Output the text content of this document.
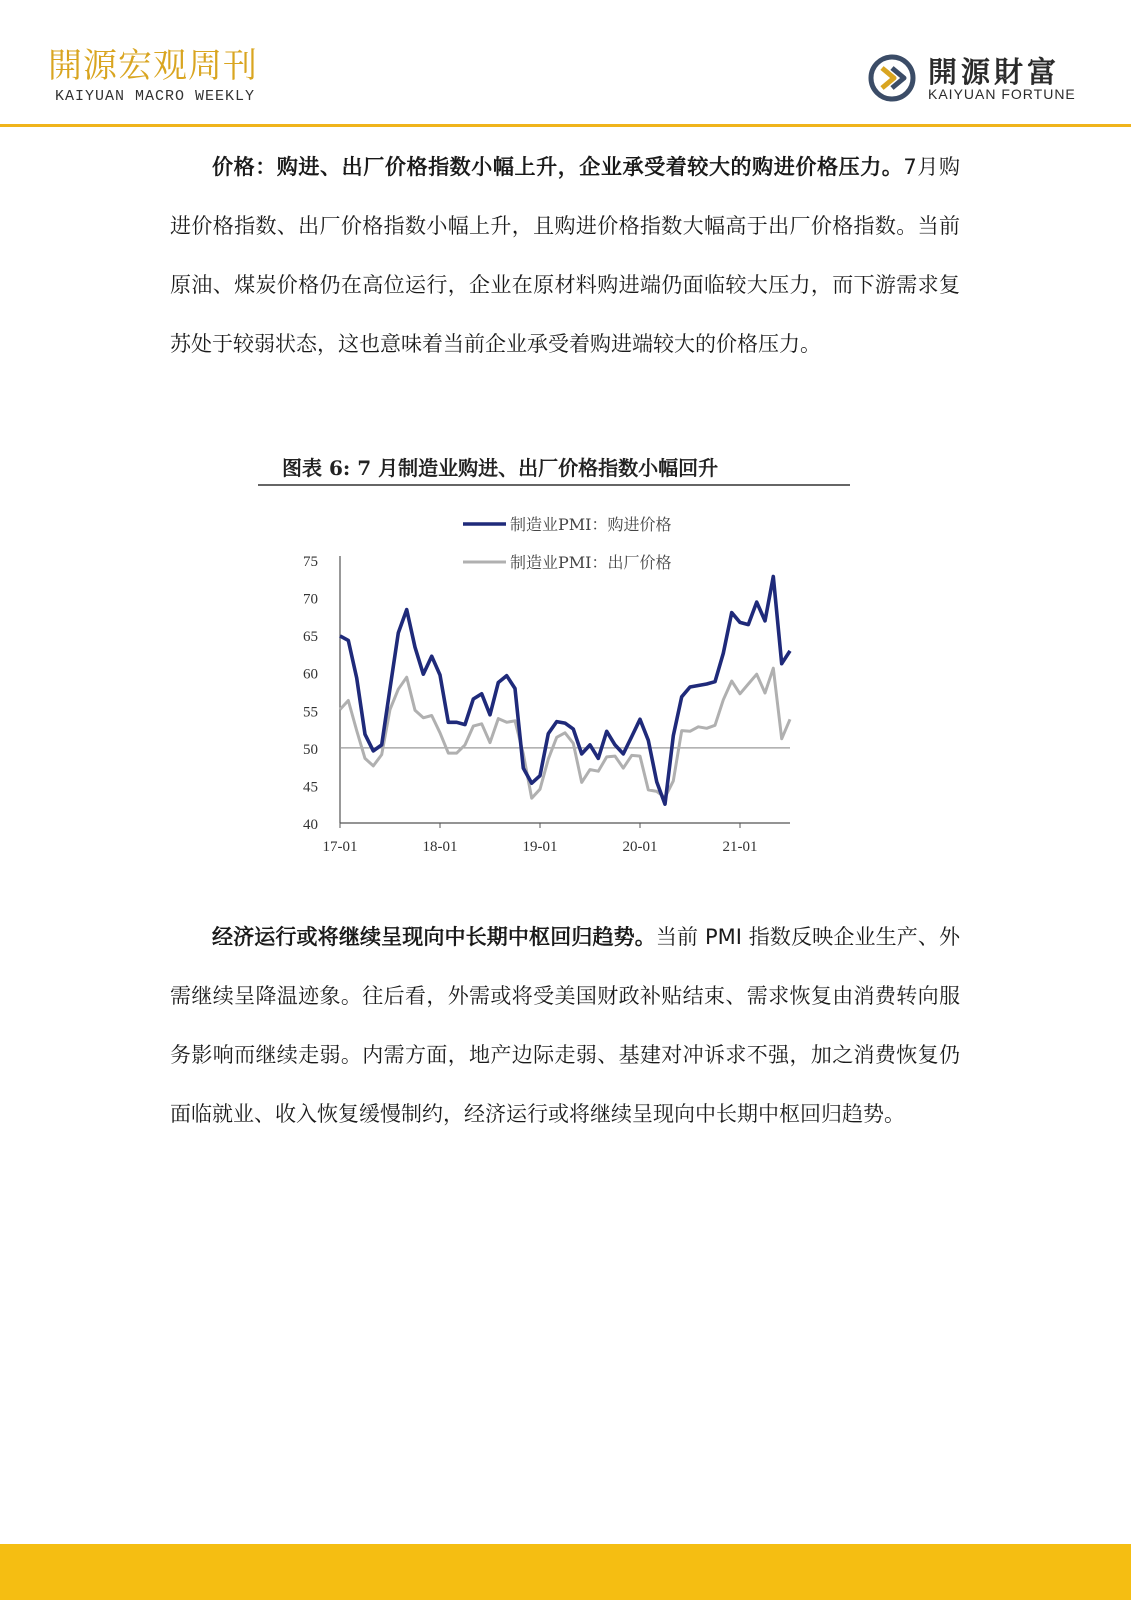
開源宏观周刊
KAIYUAN MACRO WEEKLY
開源財富
KAIYUAN FORTUNE

价格：购进、出厂价格指数小幅上升，企业承受着较大的购进价格压力。7月购进价格指数、出厂价格指数小幅上升，且购进价格指数大幅高于出厂价格指数。当前原油、煤炭价格仍在高位运行，企业在原材料购进端仍面临较大压力，而下游需求复苏处于较弱状态，这也意味着当前企业承受着购进端较大的价格压力。

图表 6: 7 月制造业购进、出厂价格指数小幅回升
75
70
65
60
55
50
45
40
17-01	18-01	19-01	20-01	21-01
制造业PMI：购进价格
制造业PMI：出厂价格

经济运行或将继续呈现向中长期中枢回归趋势。当前 PMI 指数反映企业生产、外需继续呈降温迹象。往后看，外需或将受美国财政补贴结束、需求恢复由消费转向服务影响而继续走弱。内需方面，地产边际走弱、基建对冲诉求不强，加之消费恢复仍面临就业、收入恢复缓慢制约，经济运行或将继续呈现向中长期中枢回归趋势。
